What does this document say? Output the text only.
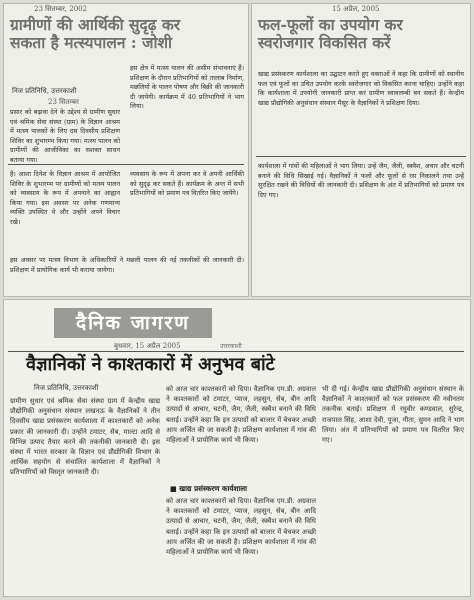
23 सितम्बर, 2002
ग्रामीणों की आर्थिकी सुदृढ़ कर
सकता है मत्स्यपालन : जोशी
निज प्रतिनिधि, उत्तरकाशी
23 सितम्बर
प्रसार को बढ़ावा देने के उद्देश्य से ग्रामीण सुधार एवं श्रमिक सेवा संस्था (ग्राम) के विज्ञान आश्रम में मत्स्य पालकों के लिए दस दिवसीय प्रशिक्षण शिविर का शुभारम्भ किया गया। मत्स्य पालन को ग्रामीणों की आजीविका का सशक्त साधन बताया गया।
इस क्षेत्र में मत्स्य पालन की असीम संभावनाएं हैं। प्रशिक्षण के दौरान प्रतिभागियों को तालाब निर्माण, मछलियों के पालन पोषण और बिक्री की जानकारी दी जायेगी। कार्यक्रम में 40 प्रतिभागियों ने भाग लिया।
है। आशा दिनेश के विज्ञान आश्रम में आयोजित शिविर के शुभारम्भ पर ग्रामीणों को मत्स्य पालन को व्यवसाय के रूप में अपनाने का आह्वान किया गया। इस अवसर पर अनेक गणमान्य व्यक्ति उपस्थित थे और उन्होंने अपने विचार रखे।
व्यवसाय के रूप में अपना कर वे अपनी आर्थिकी को सुदृढ़ कर सकते हैं। कार्यक्रम के अन्त में सभी प्रतिभागियों को प्रमाण पत्र वितरित किए जायेंगे।
इस अवसर पर मत्स्य विभाग के अधिकारियों ने मछली पालन की नई तकनीकों की जानकारी दी। प्रशिक्षण में प्रायोगिक कार्य भी कराया जायेगा।
15 अप्रैल, 2005
फल-फूलों का उपयोग कर
स्वरोजगार विकसित करें
खाद्य प्रसंस्करण कार्यशाला का उद्घाटन करते हुए वक्ताओं ने कहा कि ग्रामीणों को स्थानीय फल एवं फूलों का उचित उपयोग करके स्वरोजगार को विकसित करना चाहिए। उन्होंने कहा कि कार्यशाला में उपयोगी जानकारी प्राप्त कर ग्रामीण स्वावलम्बी बन सकते हैं। केन्द्रीय खाद्य प्रौद्योगिकी अनुसंधान संस्थान मैसूर के वैज्ञानिकों ने प्रशिक्षण दिया।
कार्यशाला में गांवों की महिलाओं ने भाग लिया। उन्हें जैम, जैली, स्क्वैश, अचार और चटनी बनाने की विधि सिखाई गई। वैज्ञानिकों ने फलों और फूलों से रस निकालने तथा उन्हें सुरक्षित रखने की विधियों की जानकारी दी। प्रशिक्षण के अंत में प्रतिभागियों को प्रमाण पत्र दिए गए।
दैनिक जागरण
बुधवार, 15 अप्रैल 2005	उत्तरकाशी
वैज्ञानिकों ने काश्तकारों में अनुभव बांटे
निज प्रतिनिधि, उत्तरकाशी
ग्रामीण सुधार एवं श्रमिक सेवा संस्था ग्राम में केन्द्रीय खाद्य प्रौद्योगिकी अनुसंधान संस्थान लखनऊ के वैज्ञानिकों ने तीन दिवसीय खाद्य प्रसंस्करण कार्यशाला में काश्तकारों को अनेक प्रकार की जानकारी दी। उन्होंने टमाटर, सेब, माल्टा आदि से विभिन्न उत्पाद तैयार करने की तकनीकी जानकारी दी। इस संस्था में भारत सरकार के विज्ञान एवं प्रौद्योगिकी विभाग के आर्थिक सहयोग से संचालित कार्यशाला में वैज्ञानिकों ने प्रतिभागियों को विस्तृत जानकारी दी।
को आज चार काश्तकारों को दिया। वैज्ञानिक एम.डी. अग्रवाल ने काश्तकारों को टमाटर, प्याज, लहसुन, सेब, बीन आदि उत्पादों से आचार, चटनी, जैम, जैली, स्क्वैश बनाने की विधि बताई। उन्होंने कहा कि इन उत्पादों को बाजार में बेचकर अच्छी आय अर्जित की जा सकती है। प्रशिक्षण कार्यशाला में गांव की महिलाओं ने प्रायोगिक कार्य भी किया।
■ खाद्य प्रसंस्करण कार्यशाला
को आज चार काश्तकारों को दिया। वैज्ञानिक एम.डी. अग्रवाल ने काश्तकारों को टमाटर, प्याज, लहसुन, सेब, बीन आदि उत्पादों से आचार, चटनी, जैम, जैली, स्क्वैश बनाने की विधि बताई। उन्होंने कहा कि इन उत्पादों को बाजार में बेचकर अच्छी आय अर्जित की जा सकती है। प्रशिक्षण कार्यशाला में गांव की महिलाओं ने प्रायोगिक कार्य भी किया।
भी दी गई। केन्द्रीय खाद्य प्रौद्योगिकी अनुसंधान संस्थान के वैज्ञानिकों ने काश्तकारों को फल प्रसंस्करण की नवीनतम तकनीक बताई। प्रशिक्षण में रघुवीर कण्डवाल, सुरेन्द्र, राजपाल सिंह, आशा देवी, पूजा, गीता, सुमन आदि ने भाग लिया। अंत में प्रतिभागियों को प्रमाण पत्र वितरित किए गए।
